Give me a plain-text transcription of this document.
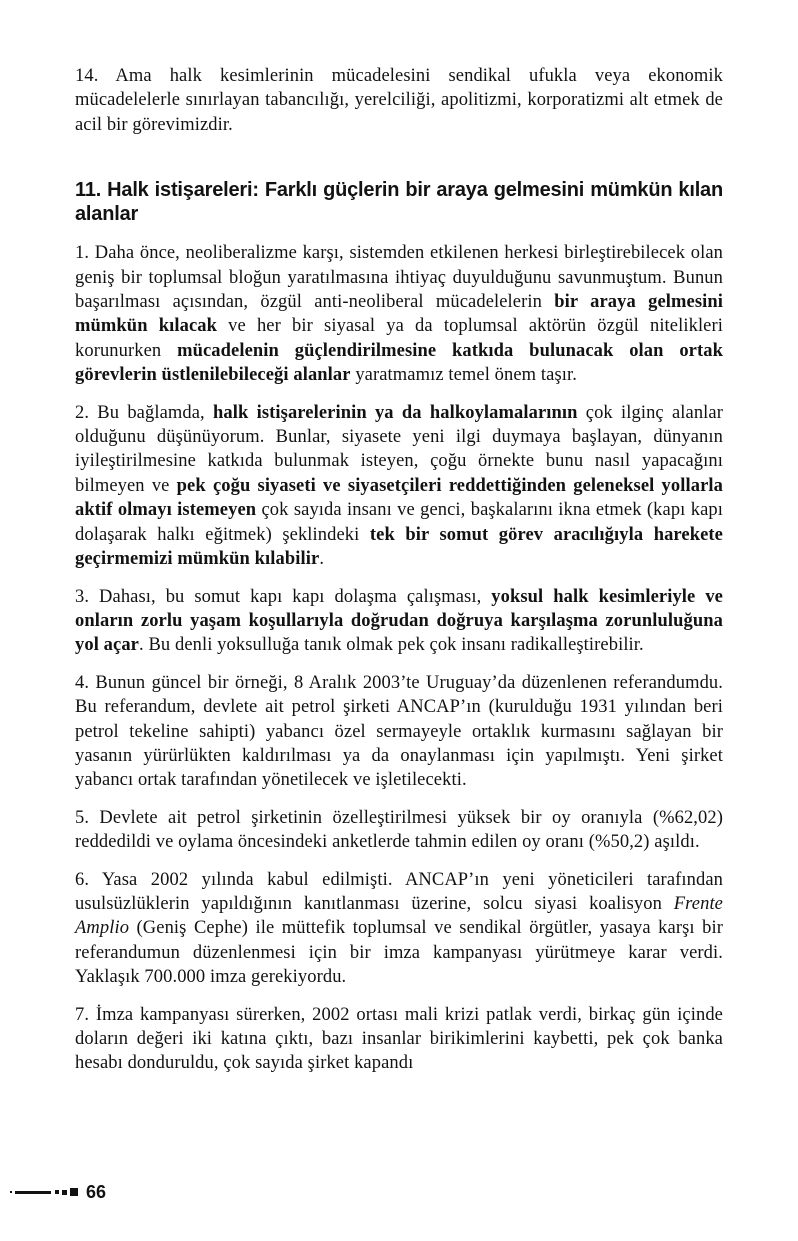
14. Ama halk kesimlerinin mücadelesini sendikal ufukla veya ekonomik mücadelelerle sınırlayan tabancılığı, yerelciliği, apolitizmi, korporatizmi alt etmek de acil bir görevimizdir.

11. Halk istişareleri: Farklı güçlerin bir araya gelmesini mümkün kılan alanlar

1. Daha önce, neoliberalizme karşı, sistemden etkilenen herkesi birleştirebilecek olan geniş bir toplumsal bloğun yaratılmasına ihtiyaç duyulduğunu savunmuştum. Bunun başarılması açısından, özgül anti-neoliberal mücadelelerin bir araya gelmesini mümkün kılacak ve her bir siyasal ya da toplumsal aktörün özgül nitelikleri korunurken mücadelenin güçlendirilmesine katkıda bulunacak olan ortak görevlerin üstlenilebileceği alanlar yaratmamız temel önem taşır.

2. Bu bağlamda, halk istişarelerinin ya da halkoylamalarının çok ilginç alanlar olduğunu düşünüyorum. Bunlar, siyasete yeni ilgi duymaya başlayan, dünyanın iyileştirilmesine katkıda bulunmak isteyen, çoğu örnekte bunu nasıl yapacağını bilmeyen ve pek çoğu siyaseti ve siyasetçileri reddettiğinden geleneksel yollarla aktif olmayı istemeyen çok sayıda insanı ve genci, başkalarını ikna etmek (kapı kapı dolaşarak halkı eğitmek) şeklindeki tek bir somut görev aracılığıyla harekete geçirmemizi mümkün kılabilir.

3. Dahası, bu somut kapı kapı dolaşma çalışması, yoksul halk kesimleriyle ve onların zorlu yaşam koşullarıyla doğrudan doğruya karşılaşma zorunluluğuna yol açar. Bu denli yoksulluğa tanık olmak pek çok insanı radikalleştirebilir.

4. Bunun güncel bir örneği, 8 Aralık 2003’te Uruguay’da düzenlenen referandumdu. Bu referandum, devlete ait petrol şirketi ANCAP’ın (kurulduğu 1931 yılından beri petrol tekeline sahipti) yabancı özel sermayeyle ortaklık kurmasını sağlayan bir yasanın yürürlükten kaldırılması ya da onaylanması için yapılmıştı. Yeni şirket yabancı ortak tarafından yönetilecek ve işletilecekti.

5. Devlete ait petrol şirketinin özelleştirilmesi yüksek bir oy oranıyla (%62,02) reddedildi ve oylama öncesindeki anketlerde tahmin edilen oy oranı (%50,2) aşıldı.

6. Yasa 2002 yılında kabul edilmişti. ANCAP’ın yeni yöneticileri tarafından usulsüzlüklerin yapıldığının kanıtlanması üzerine, solcu siyasi koalisyon Frente Amplio (Geniş Cephe) ile müttefik toplumsal ve sendikal örgütler, yasaya karşı bir referandumun düzenlenmesi için bir imza kampanyası yürütmeye karar verdi. Yaklaşık 700.000 imza gerekiyordu.

7. İmza kampanyası sürerken, 2002 ortası mali krizi patlak verdi, birkaç gün içinde doların değeri iki katına çıktı, bazı insanlar birikimlerini kaybetti, pek çok banka hesabı donduruldu, çok sayıda şirket kapandı

66
